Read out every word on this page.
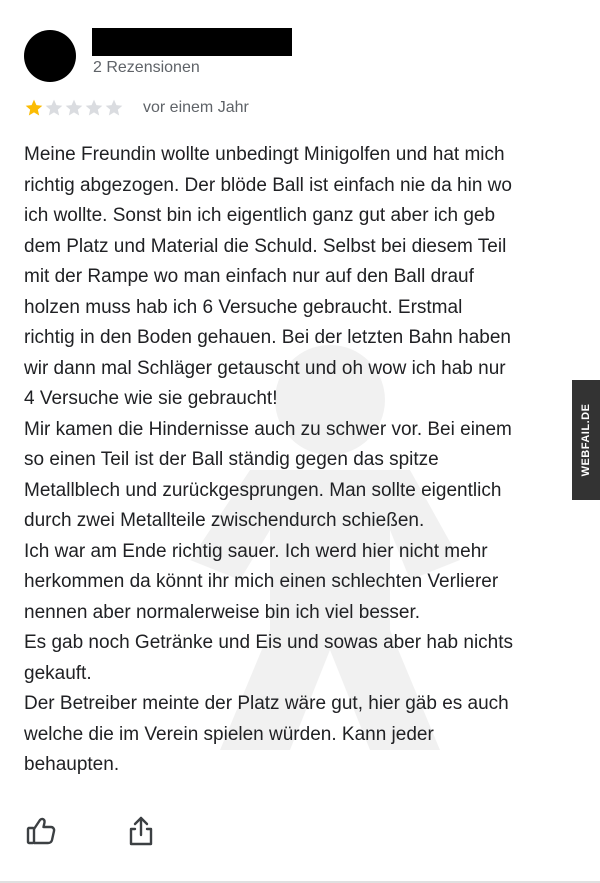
2 Rezensionen
vor einem Jahr

Meine Freundin wollte unbedingt Minigolfen und hat mich
richtig abgezogen. Der blöde Ball ist einfach nie da hin wo
ich wollte. Sonst bin ich eigentlich ganz gut aber ich geb
dem Platz und Material die Schuld. Selbst bei diesem Teil
mit der Rampe wo man einfach nur auf den Ball drauf
holzen muss hab ich 6 Versuche gebraucht. Erstmal
richtig in den Boden gehauen. Bei der letzten Bahn haben
wir dann mal Schläger getauscht und oh wow ich hab nur
4 Versuche wie sie gebraucht!
Mir kamen die Hindernisse auch zu schwer vor. Bei einem
so einen Teil ist der Ball ständig gegen das spitze
Metallblech und zurückgesprungen. Man sollte eigentlich
durch zwei Metallteile zwischendurch schießen.
Ich war am Ende richtig sauer. Ich werd hier nicht mehr
herkommen da könnt ihr mich einen schlechten Verlierer
nennen aber normalerweise bin ich viel besser.
Es gab noch Getränke und Eis und sowas aber hab nichts
gekauft.
Der Betreiber meinte der Platz wäre gut, hier gäb es auch
welche die im Verein spielen würden. Kann jeder
behaupten.

WEBFAIL.DE
